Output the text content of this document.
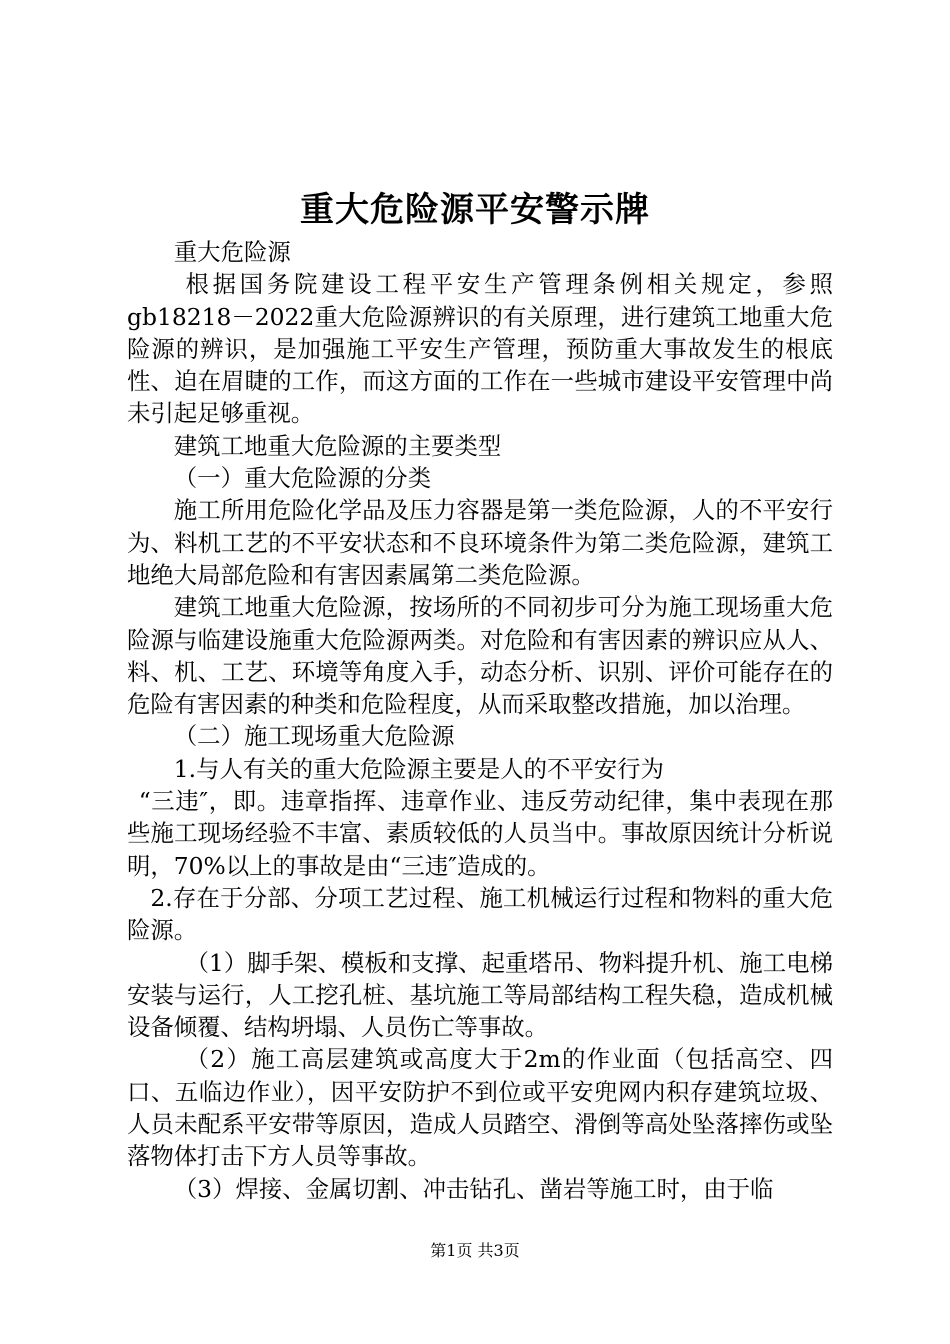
重大危险源平安警示牌

重大危险源

根据国务院建设工程平安生产管理条例相关规定，参照gb18218－2022重大危险源辨识的有关原理，进行建筑工地重大危险源的辨识，是加强施工平安生产管理，预防重大事故发生的根底性、迫在眉睫的工作，而这方面的工作在一些城市建设平安管理中尚未引起足够重视。

建筑工地重大危险源的主要类型

（一）重大危险源的分类

施工所用危险化学品及压力容器是第一类危险源，人的不平安行为、料机工艺的不平安状态和不良环境条件为第二类危险源，建筑工地绝大局部危险和有害因素属第二类危险源。

建筑工地重大危险源，按场所的不同初步可分为施工现场重大危险源与临建设施重大危险源两类。对危险和有害因素的辨识应从人、料、机、工艺、环境等角度入手，动态分析、识别、评价可能存在的危险有害因素的种类和危险程度，从而采取整改措施，加以治理。

（二）施工现场重大危险源

1.与人有关的重大危险源主要是人的不平安行为

“三违″，即。违章指挥、违章作业、违反劳动纪律，集中表现在那些施工现场经验不丰富、素质较低的人员当中。事故原因统计分析说明，70%以上的事故是由“三违″造成的。

2.存在于分部、分项工艺过程、施工机械运行过程和物料的重大危险源。

（1）脚手架、模板和支撑、起重塔吊、物料提升机、施工电梯安装与运行，人工挖孔桩、基坑施工等局部结构工程失稳，造成机械设备倾覆、结构坍塌、人员伤亡等事故。

（2）施工高层建筑或高度大于2m的作业面（包括高空、四口、五临边作业），因平安防护不到位或平安兜网内积存建筑垃圾、人员未配系平安带等原因，造成人员踏空、滑倒等高处坠落摔伤或坠落物体打击下方人员等事故。

（3）焊接、金属切割、冲击钻孔、凿岩等施工时，由于临

第1页 共3页
